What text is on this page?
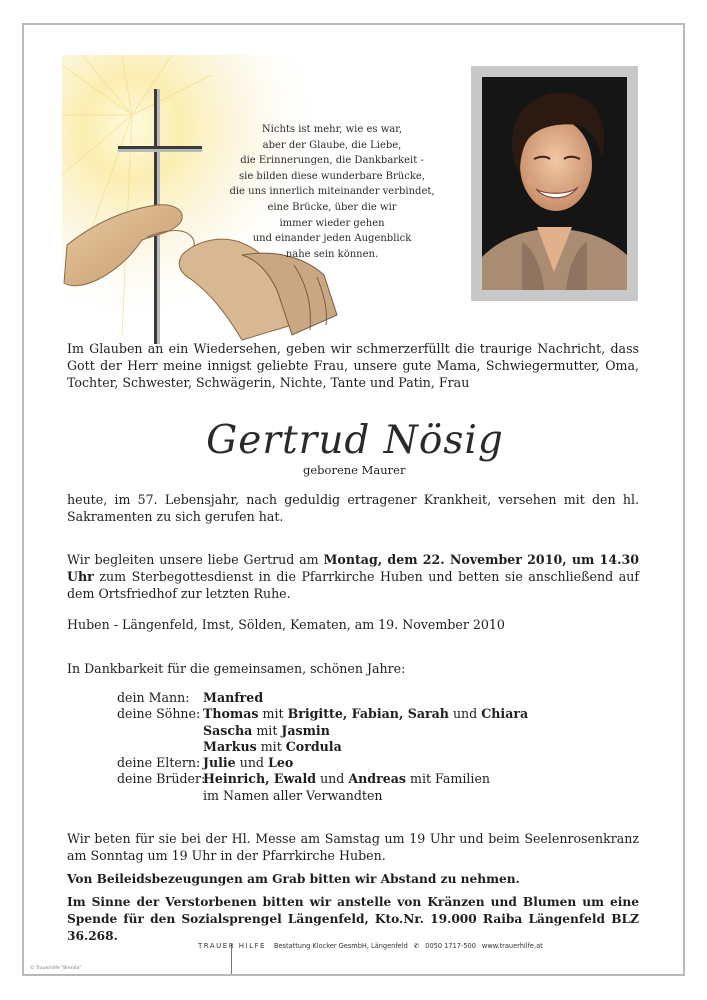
Nichts ist mehr, wie es war,
aber der Glaube, die Liebe,
die Erinnerungen, die Dankbarkeit -
sie bilden diese wunderbare Brücke,
die uns innerlich miteinander verbindet,
eine Brücke, über die wir
immer wieder gehen
und einander jeden Augenblick
nahe sein können.

Im Glauben an ein Wiedersehen, geben wir schmerzerfüllt die traurige Nachricht, dass Gott der Herr meine innigst geliebte Frau, unsere gute Mama, Schwiegermutter, Oma, Tochter, Schwester, Schwägerin, Nichte, Tante und Patin, Frau

Gertrud Nösig
geborene Maurer

heute, im 57. Lebensjahr, nach geduldig ertragener Krankheit, versehen mit den hl. Sakramenten zu sich gerufen hat.

Wir begleiten unsere liebe Gertrud am Montag, dem 22. November 2010, um 14.30 Uhr zum Sterbegottesdienst in die Pfarrkirche Huben und betten sie anschließend auf dem Ortsfriedhof zur letzten Ruhe.

Huben - Längenfeld, Imst, Sölden, Kematen, am 19. November 2010

In Dankbarkeit für die gemeinsamen, schönen Jahre:

dein Mann:	Manfred
deine Söhne: Thomas mit Brigitte, Fabian, Sarah und Chiara
Sascha mit Jasmin
Markus mit Cordula
deine Eltern: Julie und Leo
deine Brüder:
Heinrich, Ewald und Andreas mit Familien
im Namen aller Verwandten

Wir beten für sie bei der Hl. Messe am Samstag um 19 Uhr und beim Seelenrosenkranz am Sonntag um 19 Uhr in der Pfarrkirche Huben.

Von Beileidsbezeugungen am Grab bitten wir Abstand zu nehmen.

Im Sinne der Verstorbenen bitten wir anstelle von Kränzen und Blumen um eine Spende für den Sozialsprengel Längenfeld, Kto.Nr. 19.000 Raiba Längenfeld BLZ 36.268.

TRAUER HILFE	Bestattung Klocker GesmbH, Längenfeld ✆ 0050 1717-500 www.trauerhilfe.at
© Trauerhilfe "Brenda"
